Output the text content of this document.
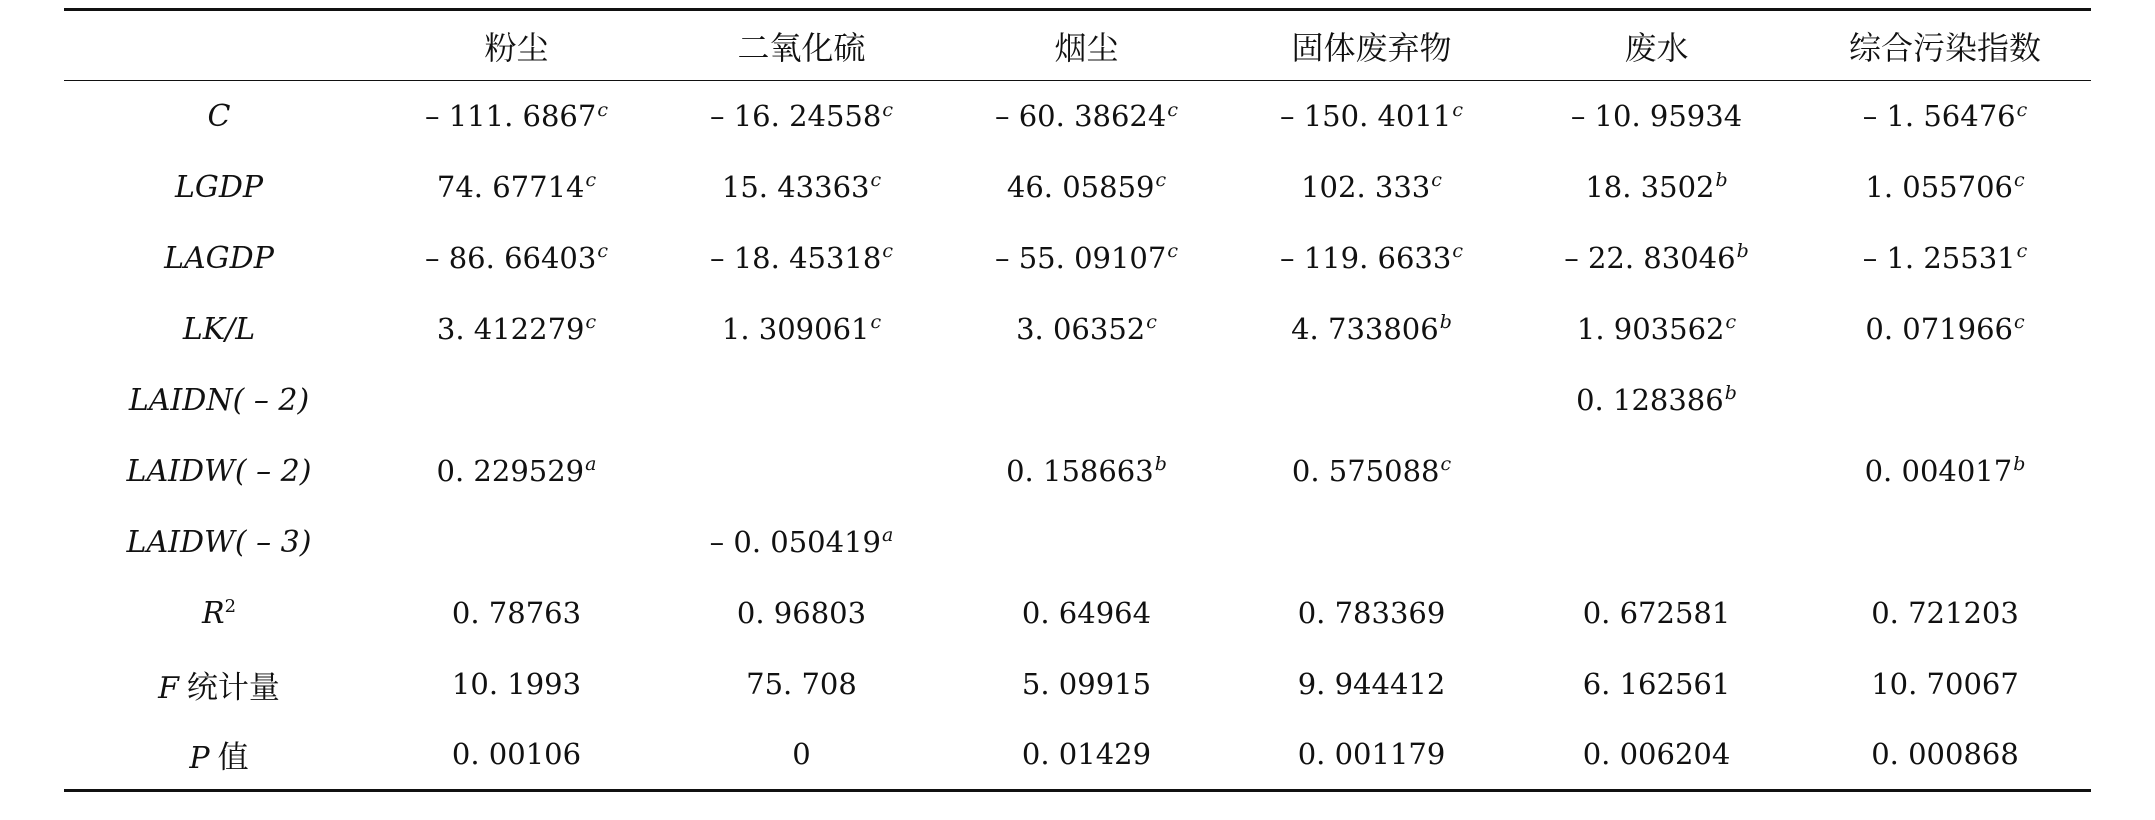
	粉尘	二氧化硫	烟尘	固体废弃物	废水	综合污染指数
C	– 111. 6867$^c$	– 16. 24558$^c$	– 60. 38624$^c$	– 150. 4011$^c$	– 10. 95934	– 1. 56476$^c$
LGDP	74. 67714$^c$	15. 43363$^c$	46. 05859$^c$	102. 333$^c$	18. 3502$^b$	1. 055706$^c$
LAGDP	– 86. 66403$^c$	– 18. 45318$^c$	– 55. 09107$^c$	– 119. 6633$^c$	– 22. 83046$^b$	– 1. 25531$^c$
LK/L	3. 412279$^c$	1. 309061$^c$	3. 06352$^c$	4. 733806$^b$	1. 903562$^c$	0. 071966$^c$
LAIDN( – 2)					0. 128386$^b$	
LAIDW( – 2)	0. 229529$^a$		0. 158663$^b$	0. 575088$^c$		0. 004017$^b$
LAIDW( – 3)		– 0. 050419$^a$				
$R^2$	0. 78763	0. 96803	0. 64964	0. 783369	0. 672581	0. 721203
F 统计量	10. 1993	75. 708	5. 09915	9. 944412	6. 162561	10. 70067
P 值	0. 00106	0	0. 01429	0. 001179	0. 006204	0. 000868
